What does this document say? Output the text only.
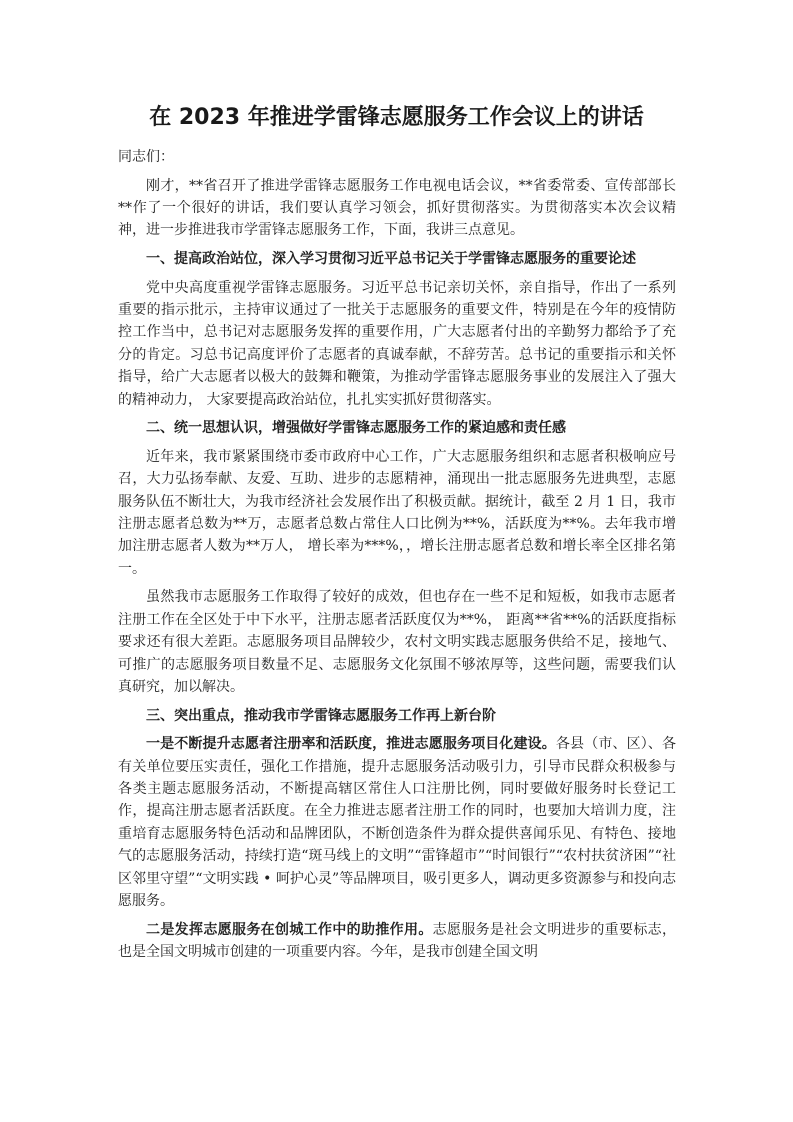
在 2023 年推进学雷锋志愿服务工作会议上的讲话

同志们：

刚才，**省召开了推进学雷锋志愿服务工作电视电话会议，**省委常委、宣传部部长**作了一个很好的讲话，我们要认真学习领会，抓好贯彻落实。为贯彻落实本次会议精神，进一步推进我市学雷锋志愿服务工作，下面，我讲三点意见。

一、提高政治站位，深入学习贯彻习近平总书记关于学雷锋志愿服务的重要论述

党中央高度重视学雷锋志愿服务。习近平总书记亲切关怀，亲自指导，作出了一系列重要的指示批示，主持审议通过了一批关于志愿服务的重要文件，特别是在今年的疫情防控工作当中，总书记对志愿服务发挥的重要作用，广大志愿者付出的辛勤努力都给予了充分的肯定。习总书记高度评价了志愿者的真诚奉献，不辞劳苦。总书记的重要指示和关怀指导，给广大志愿者以极大的鼓舞和鞭策，为推动学雷锋志愿服务事业的发展注入了强大的精神动力， 大家要提高政治站位，扎扎实实抓好贯彻落实。

二、统一思想认识，增强做好学雷锋志愿服务工作的紧迫感和责任感

近年来，我市紧紧围绕市委市政府中心工作，广大志愿服务组织和志愿者积极响应号召，大力弘扬奉献、友爱、互助、进步的志愿精神，涌现出一批志愿服务先进典型，志愿服务队伍不断壮大，为我市经济社会发展作出了积极贡献。据统计，截至 2 月 1 日，我市注册志愿者总数为**万，志愿者总数占常住人口比例为**%，活跃度为**%。去年我市增加注册志愿者人数为**万人， 增长率为***%，，增长注册志愿者总数和增长率全区排名第一。

虽然我市志愿服务工作取得了较好的成效，但也存在一些不足和短板，如我市志愿者注册工作在全区处于中下水平，注册志愿者活跃度仅为**%， 距离**省**%的活跃度指标要求还有很大差距。志愿服务项目品牌较少，农村文明实践志愿服务供给不足，接地气、可推广的志愿服务项目数量不足、志愿服务文化氛围不够浓厚等，这些问题，需要我们认真研究，加以解决。

三、突出重点，推动我市学雷锋志愿服务工作再上新台阶

一是不断提升志愿者注册率和活跃度，推进志愿服务项目化建设。各县（市、区）、各有关单位要压实责任，强化工作措施，提升志愿服务活动吸引力，引导市民群众积极参与各类主题志愿服务活动，不断提高辖区常住人口注册比例，同时要做好服务时长登记工作，提高注册志愿者活跃度。在全力推进志愿者注册工作的同时，也要加大培训力度，注重培育志愿服务特色活动和品牌团队，不断创造条件为群众提供喜闻乐见、有特色、接地气的志愿服务活动，持续打造“斑马线上的文明”“雷锋超市”“时间银行”“农村扶贫济困”“社区邻里守望”“文明实践 • 呵护心灵”等品牌项目，吸引更多人，调动更多资源参与和投向志愿服务。

二是发挥志愿服务在创城工作中的助推作用。志愿服务是社会文明进步的重要标志，也是全国文明城市创建的一项重要内容。今年，是我市创建全国文明
